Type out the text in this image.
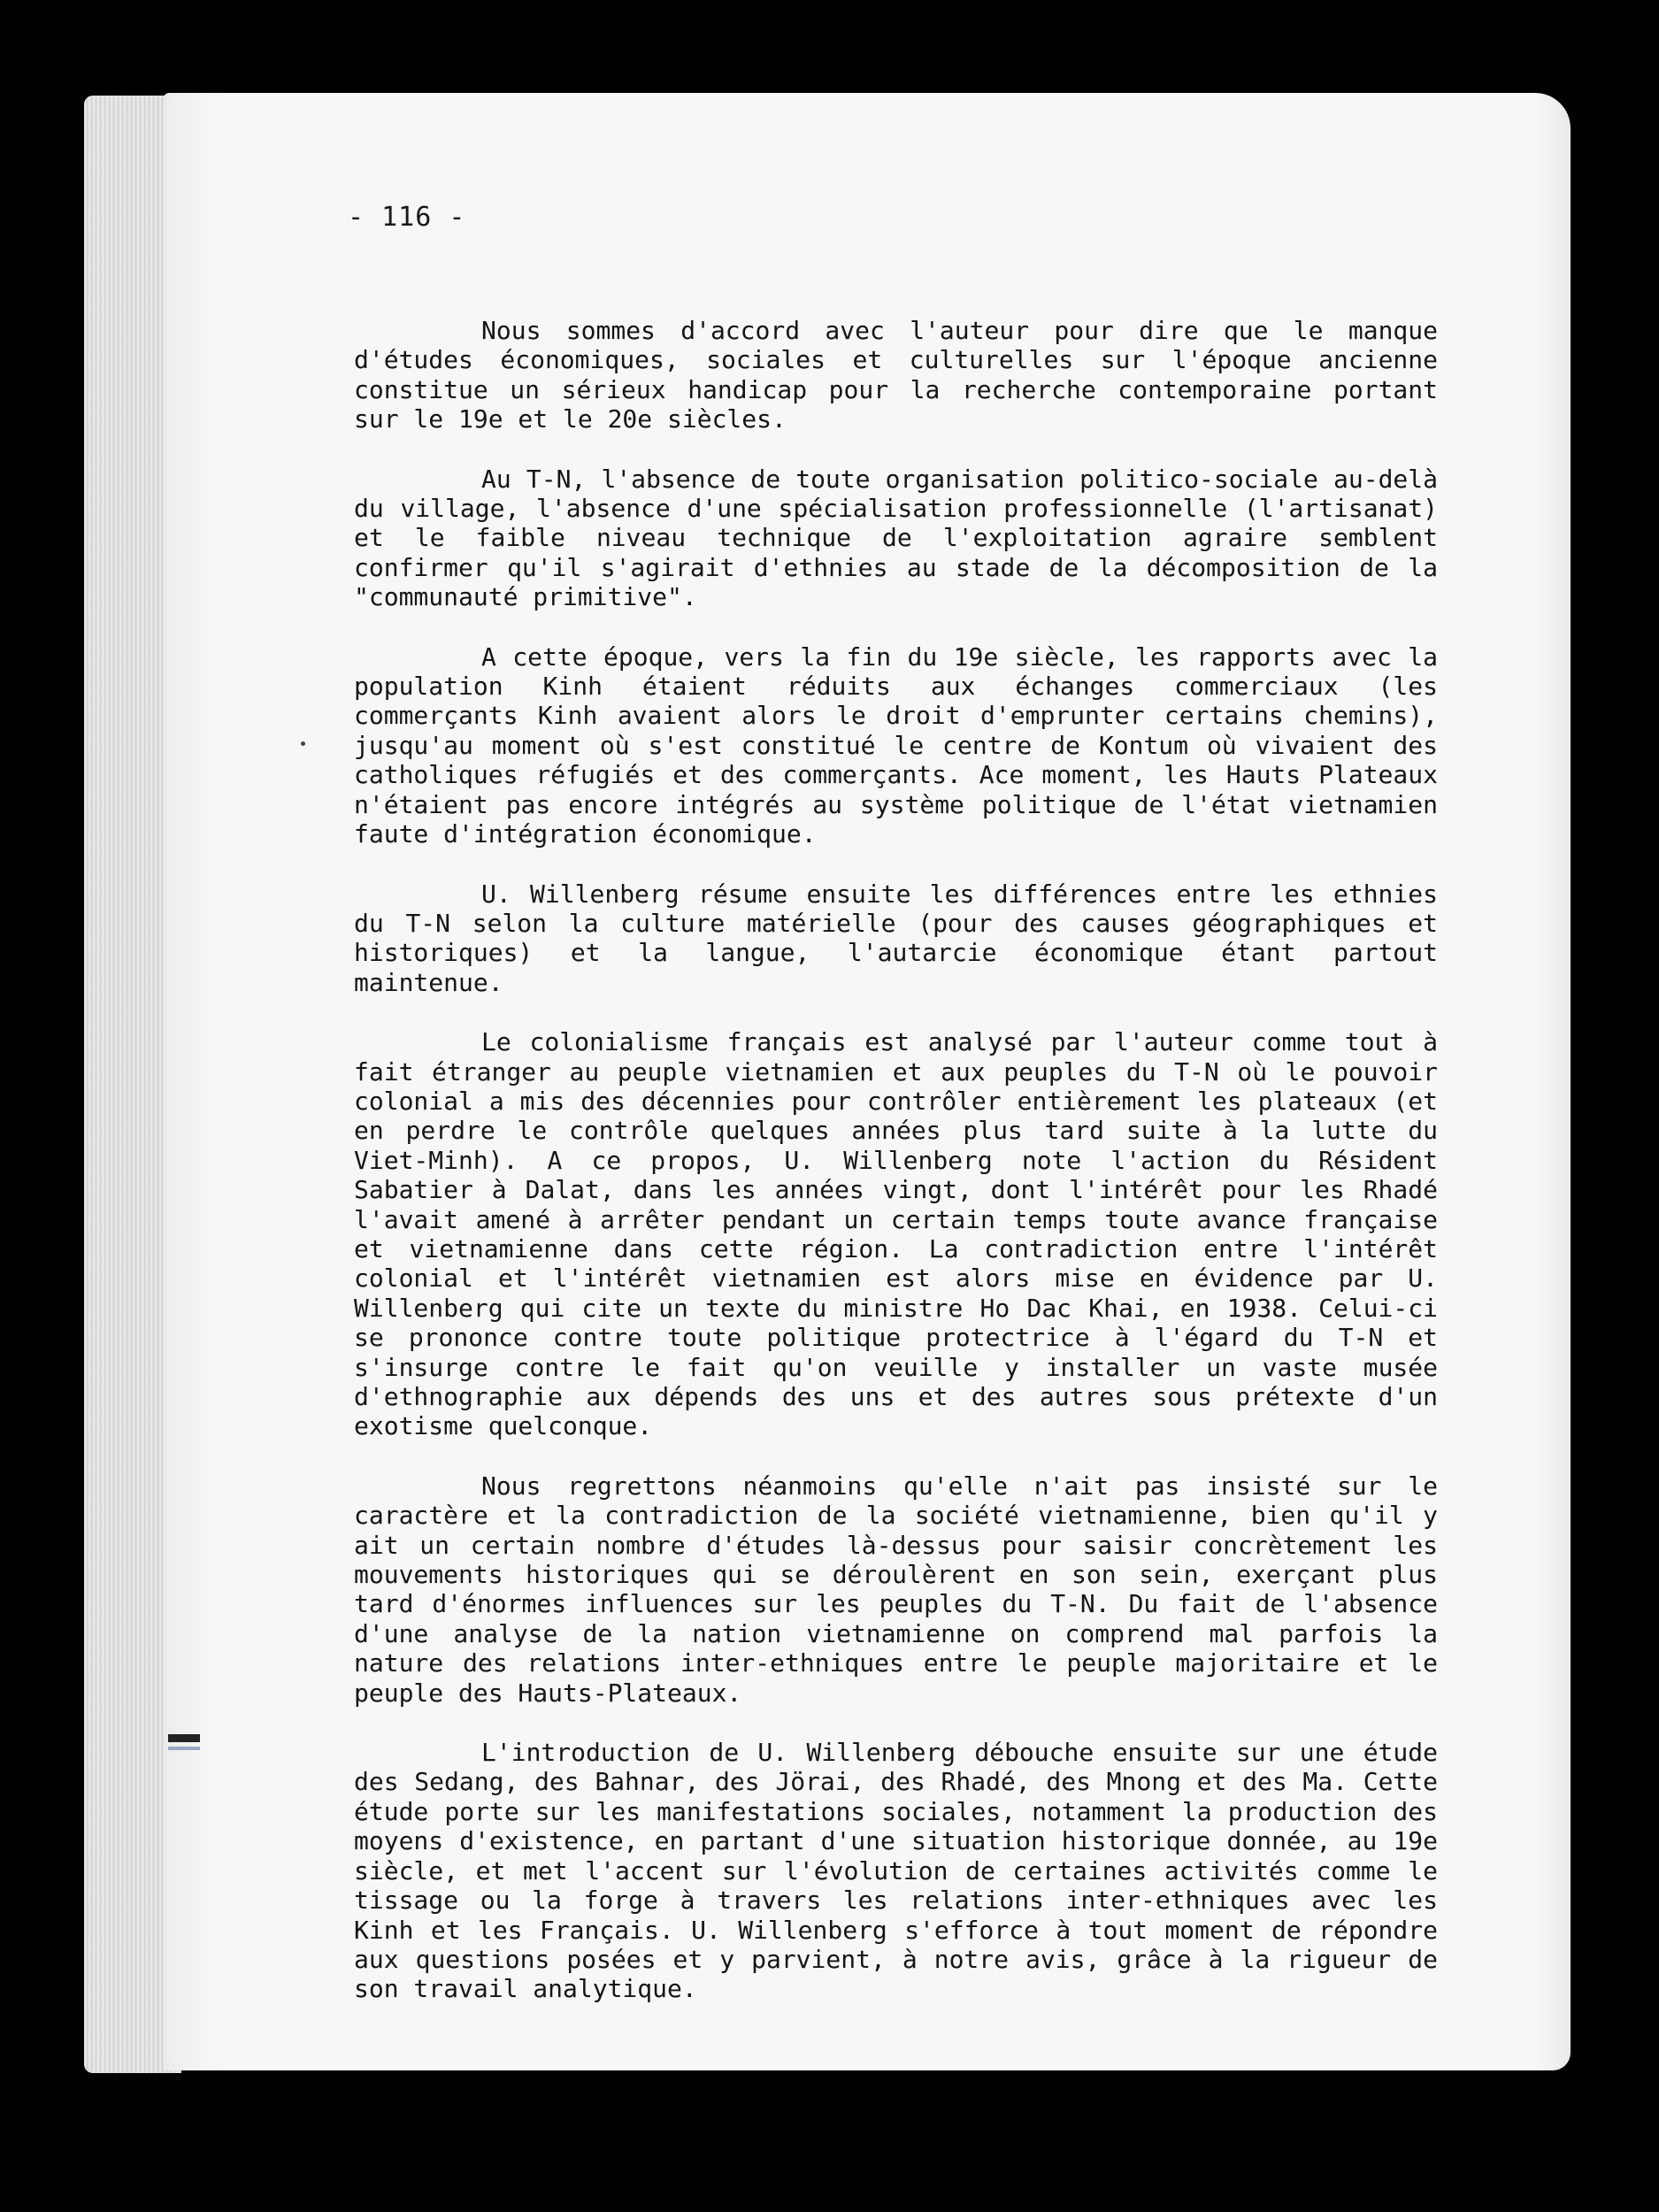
- 116 -

Nous sommes d'accord avec l'auteur pour dire que le manque d'études économiques, sociales et culturelles sur l'époque ancienne constitue un sérieux handicap pour la recherche contemporaine portant sur le 19e et le 20e siècles.

Au T-N, l'absence de toute organisation politico-sociale au-delà du village, l'absence d'une spécialisation professionnelle (l'artisanat) et le faible niveau technique de l'exploitation agraire semblent confirmer qu'il s'agirait d'ethnies au stade de la décomposition de la "communauté primitive".

A cette époque, vers la fin du 19e siècle, les rapports avec la population Kinh étaient réduits aux échanges commerciaux (les commerçants Kinh avaient alors le droit d'emprunter certains chemins), jusqu'au moment où s'est constitué le centre de Kontum où vivaient des catholiques réfugiés et des commerçants. Ace moment, les Hauts Plateaux n'étaient pas encore intégrés au système politique de l'état vietnamien faute d'intégration économique.

U. Willenberg résume ensuite les différences entre les ethnies du T-N selon la culture matérielle (pour des causes géographiques et historiques) et la langue, l'autarcie économique étant partout maintenue.

Le colonialisme français est analysé par l'auteur comme tout à fait étranger au peuple vietnamien et aux peuples du T-N où le pouvoir colonial a mis des décennies pour contrôler entièrement les plateaux (et en perdre le contrôle quelques années plus tard suite à la lutte du Viet-Minh). A ce propos, U. Willenberg note l'action du Résident Sabatier à Dalat, dans les années vingt, dont l'intérêt pour les Rhadé l'avait amené à arrêter pendant un certain temps toute avance française et vietnamienne dans cette région. La contradiction entre l'intérêt colonial et l'intérêt vietnamien est alors mise en évidence par U. Willenberg qui cite un texte du ministre Ho Dac Khai, en 1938. Celui-ci se prononce contre toute politique protectrice à l'égard du T-N et s'insurge contre le fait qu'on veuille y installer un vaste musée d'ethnographie aux dépends des uns et des autres sous prétexte d'un exotisme quelconque.

Nous regrettons néanmoins qu'elle n'ait pas insisté sur le caractère et la contradiction de la société vietnamienne, bien qu'il y ait un certain nombre d'études là-dessus pour saisir concrètement les mouvements historiques qui se déroulèrent en son sein, exerçant plus tard d'énormes influences sur les peuples du T-N. Du fait de l'absence d'une analyse de la nation vietnamienne on comprend mal parfois la nature des relations inter-ethniques entre le peuple majoritaire et le peuple des Hauts-Plateaux.

L'introduction de U. Willenberg débouche ensuite sur une étude des Sedang, des Bahnar, des Jörai, des Rhadé, des Mnong et des Ma. Cette étude porte sur les manifestations sociales, notamment la production des moyens d'existence, en partant d'une situation historique donnée, au 19e siècle, et met l'accent sur l'évolution de certaines activités comme le tissage ou la forge à travers les relations inter-ethniques avec les Kinh et les Français. U. Willenberg s'efforce à tout moment de répondre aux questions posées et y parvient, à notre avis, grâce à la rigueur de son travail analytique.
